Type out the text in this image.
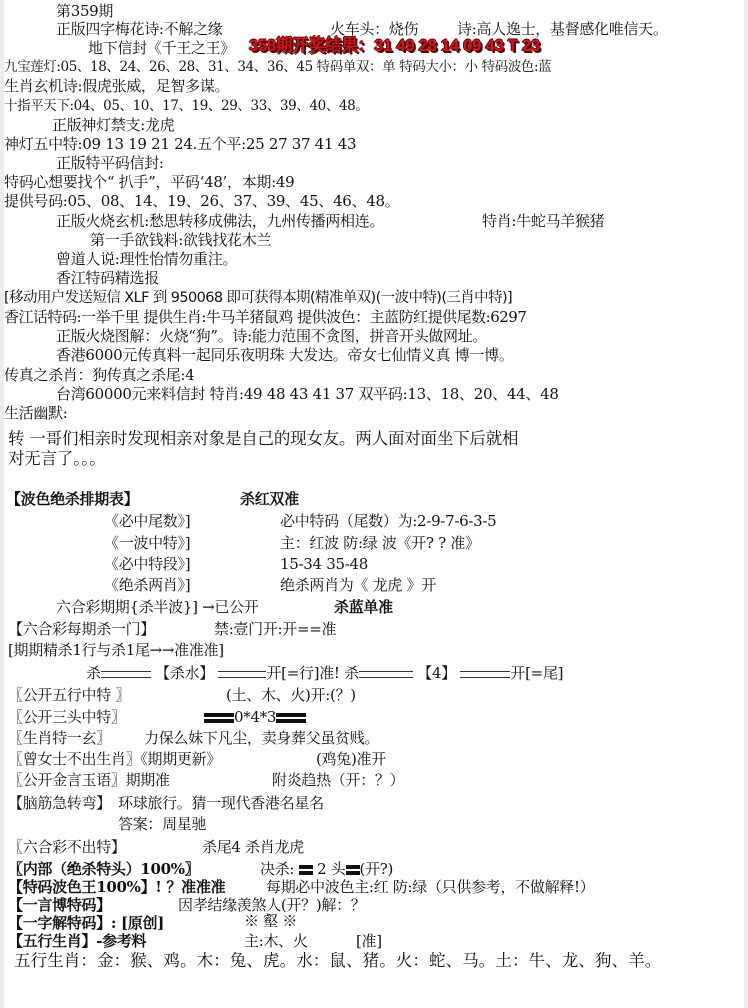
第359期
正版四字梅花诗:不解之缘	火车头：烧伤	诗:高人逸士，基督感化唯信天。
地下信封《千王之王》 358期开奖结果：31 49 28 14 09 43 T 23
九宝莲灯:05、18、24、26、28、31、34、36、45 特码单双：单 特码大小：小 特码波色:蓝
生肖玄机诗:假虎张威，足智多谋。
十指平天下:04、05、10、17、19、29、33、39、40、48。
正版神灯禁支:龙虎
神灯五中特:09 13 19 21 24.五个平:25 27 37 41 43
正版特平码信封:
特码心想要找个“ 扒手”，平码‘48’，本期:49
提供号码:05、08、14、19、26、37、39、45、46、48。
正版火烧玄机:愁思转移成佛法，九州传播两相连。	特肖:牛蛇马羊猴猪
第一手欲钱料:欲钱找花木兰
曾道人说:理性怡情勿重注。
香江特码精选报
[移动用户发送短信 XLF 到 950068 即可获得本期(精准单双)(一波中特)(三肖中特)]
香江话特码:一举千里 提供生肖:牛马羊猪鼠鸡 提供波色：主蓝防红提供尾数:6297
正版火烧图解：火烧“狗”。诗:能力范围不贪图，拼音开头做网址。
香港6000元传真料一起同乐夜明珠 大发达。帝女七仙情义真 博一博。
传真之杀肖：狗传真之杀尾:4
台湾60000元来料信封 特肖:49 48 43 41 37 双平码:13、18、20、44、48
生活幽默:
转 一哥们相亲时发现相亲对象是自己的现女友。两人面对面坐下后就相
对无言了。。。
【波色绝杀排期表】	杀红双准
《必中尾数》]	必中特码（尾数）为:2-9-7-6-3-5
《一波中特》]	主：红波 防:绿 波《开? ? 准》
《必中特段》]	15-34 35-48
《绝杀两肖》]	绝杀两肖为《 龙虎 》开
六合彩期期{杀半波}] →已公开	杀蓝单准
【六合彩每期杀一门】	禁:壹门开:开==准
[期期精杀1行与杀1尾→→准准准]
杀	【杀水】	开[=行]准! 杀	【4】	开[=尾]
〖公开五行中特 〗	(土、木、火)开:(？)
〖公开三头中特〗	0*4*3
〖生肖特一玄〗 力保么妹下凡尘，卖身葬父虽贫贱。
〖曾女士不出生肖〗《期期更新》	(鸡兔)准开
〖公开金言玉语〗期期准	附炎趋热（开：？）
【脑筋急转弯】 环球旅行。猜一现代香港名星名
答案：周星驰
〖六合彩不出特】	杀尾4 杀肖龙虎
〖内部（绝杀特头）100%〗	决杀: 2 头 (开?)
【特码波色王100%】! ？准准准	每期必中波色主:红 防:绿（只供参考，不做解释!）
【一言博特码】	因孝结缘羡煞人(开？)解：？
【一字解特码】: [原创]	※ 壑 ※
【五行生肖】-参考料	主:木、火	[准]
五行生肖：金：猴、鸡。木：兔、虎。水：鼠、猪。火：蛇、马。土：牛、龙、狗、羊。
